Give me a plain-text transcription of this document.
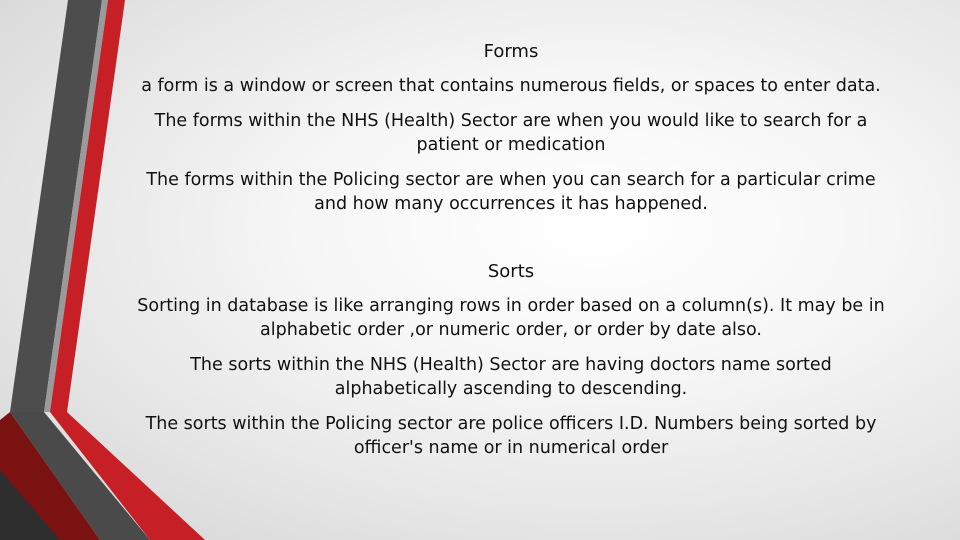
Forms

a form is a window or screen that contains numerous fields, or spaces to enter data.

The forms within the NHS (Health) Sector are when you would like to search for a patient or medication

The forms within the Policing sector are when you can search for a particular crime and how many occurrences it has happened.

Sorts

Sorting in database is like arranging rows in order based on a column(s). It may be in alphabetic order ,or numeric order, or order by date also.

The sorts within the NHS (Health) Sector are having doctors name sorted alphabetically ascending to descending.

The sorts within the Policing sector are police officers I.D. Numbers being sorted by officer's name or in numerical order
